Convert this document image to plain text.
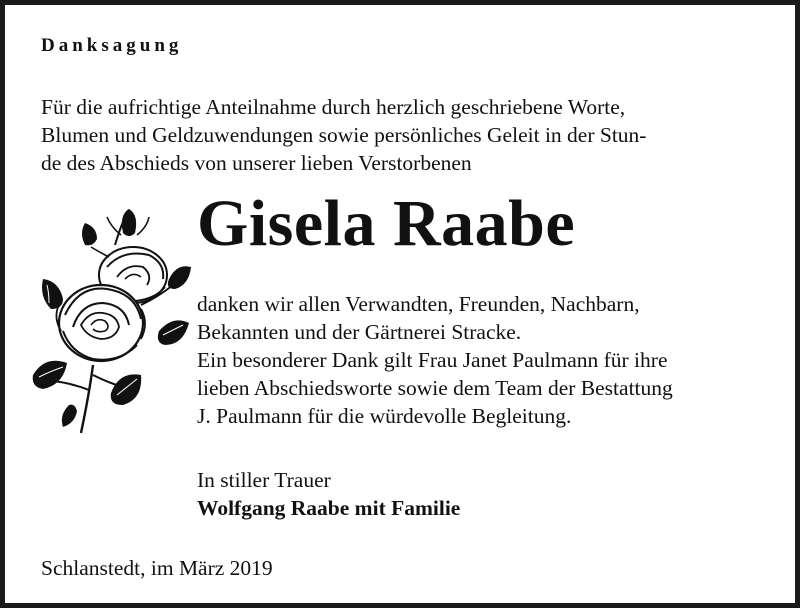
Danksagung
Für die aufrichtige Anteilnahme durch herzlich geschriebene Worte,
Blumen und Geldzuwendungen sowie persönliches Geleit in der Stun-
de des Abschieds von unserer lieben Verstorbenen
Gisela Raabe
danken wir allen Verwandten, Freunden, Nachbarn,
Bekannten und der Gärtnerei Stracke.
Ein besonderer Dank gilt Frau Janet Paulmann für ihre
lieben Abschiedsworte sowie dem Team der Bestattung
J. Paulmann für die würdevolle Begleitung.
In stiller Trauer
Wolfgang Raabe mit Familie
Schlanstedt, im März 2019
